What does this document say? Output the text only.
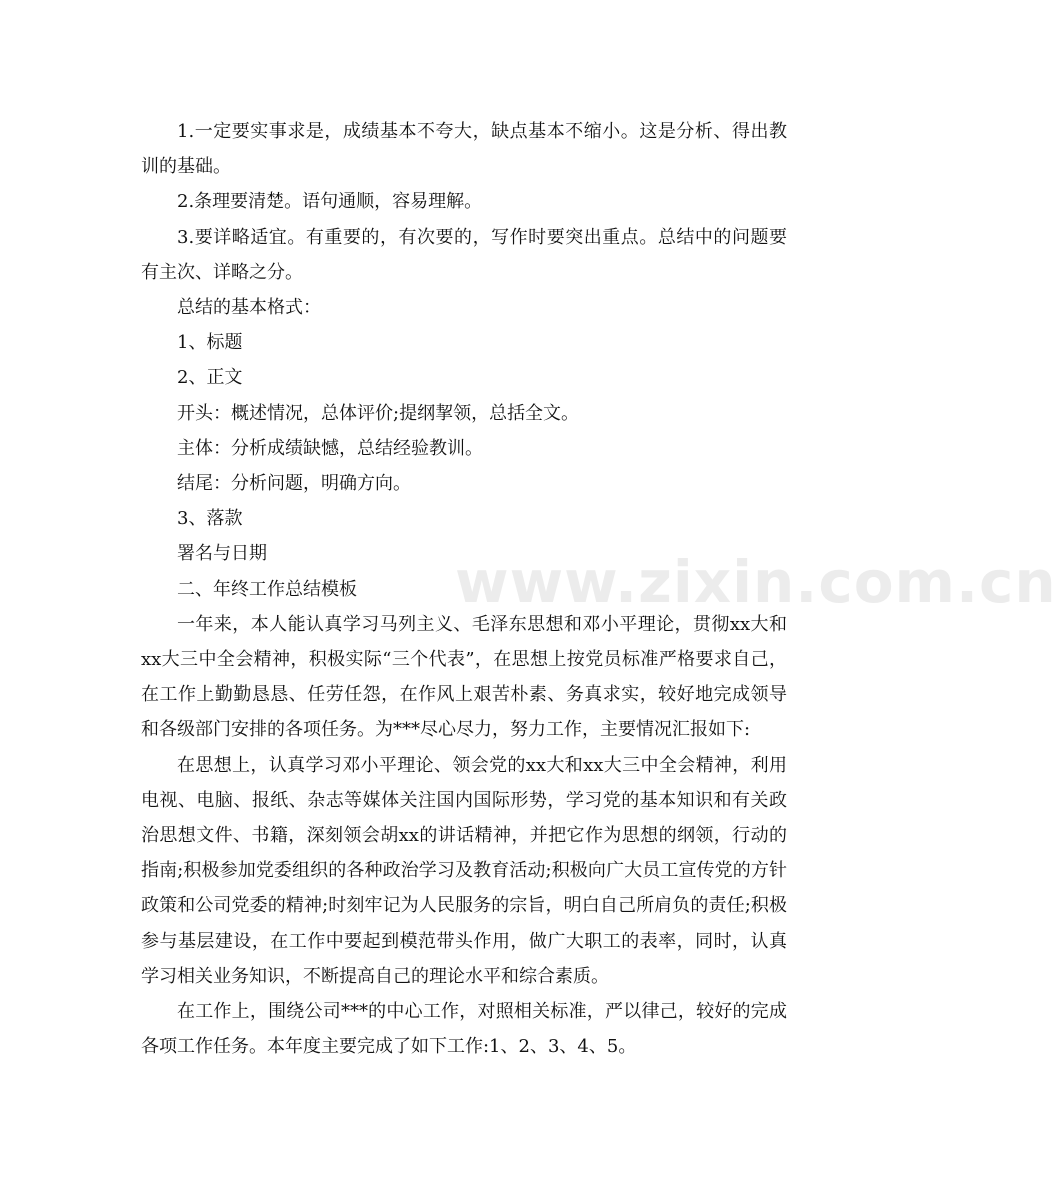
1.一定要实事求是，成绩基本不夸大，缺点基本不缩小。这是分析、得出教训的基础。

2.条理要清楚。语句通顺，容易理解。

3.要详略适宜。有重要的，有次要的，写作时要突出重点。总结中的问题要有主次、详略之分。

总结的基本格式：

1、标题

2、正文

开头：概述情况，总体评价;提纲挈领，总括全文。

主体：分析成绩缺憾，总结经验教训。

结尾：分析问题，明确方向。

3、落款

署名与日期

二、年终工作总结模板

一年来，本人能认真学习马列主义、毛泽东思想和邓小平理论，贯彻xx大和xx大三中全会精神，积极实际“三个代表”，在思想上按党员标准严格要求自己，在工作上勤勤恳恳、任劳任怨，在作风上艰苦朴素、务真求实，较好地完成领导和各级部门安排的各项任务。为***尽心尽力，努力工作，主要情况汇报如下:

在思想上，认真学习邓小平理论、领会党的xx大和xx大三中全会精神，利用电视、电脑、报纸、杂志等媒体关注国内国际形势，学习党的基本知识和有关政治思想文件、书籍，深刻领会胡xx的讲话精神，并把它作为思想的纲领，行动的指南;积极参加党委组织的各种政治学习及教育活动;积极向广大员工宣传党的方针政策和公司党委的精神;时刻牢记为人民服务的宗旨，明白自己所肩负的责任;积极参与基层建设，在工作中要起到模范带头作用，做广大职工的表率，同时，认真学习相关业务知识，不断提高自己的理论水平和综合素质。

在工作上，围绕公司***的中心工作，对照相关标准，严以律己，较好的完成各项工作任务。本年度主要完成了如下工作:1、2、3、4、5。

www.zixin.com.cn
